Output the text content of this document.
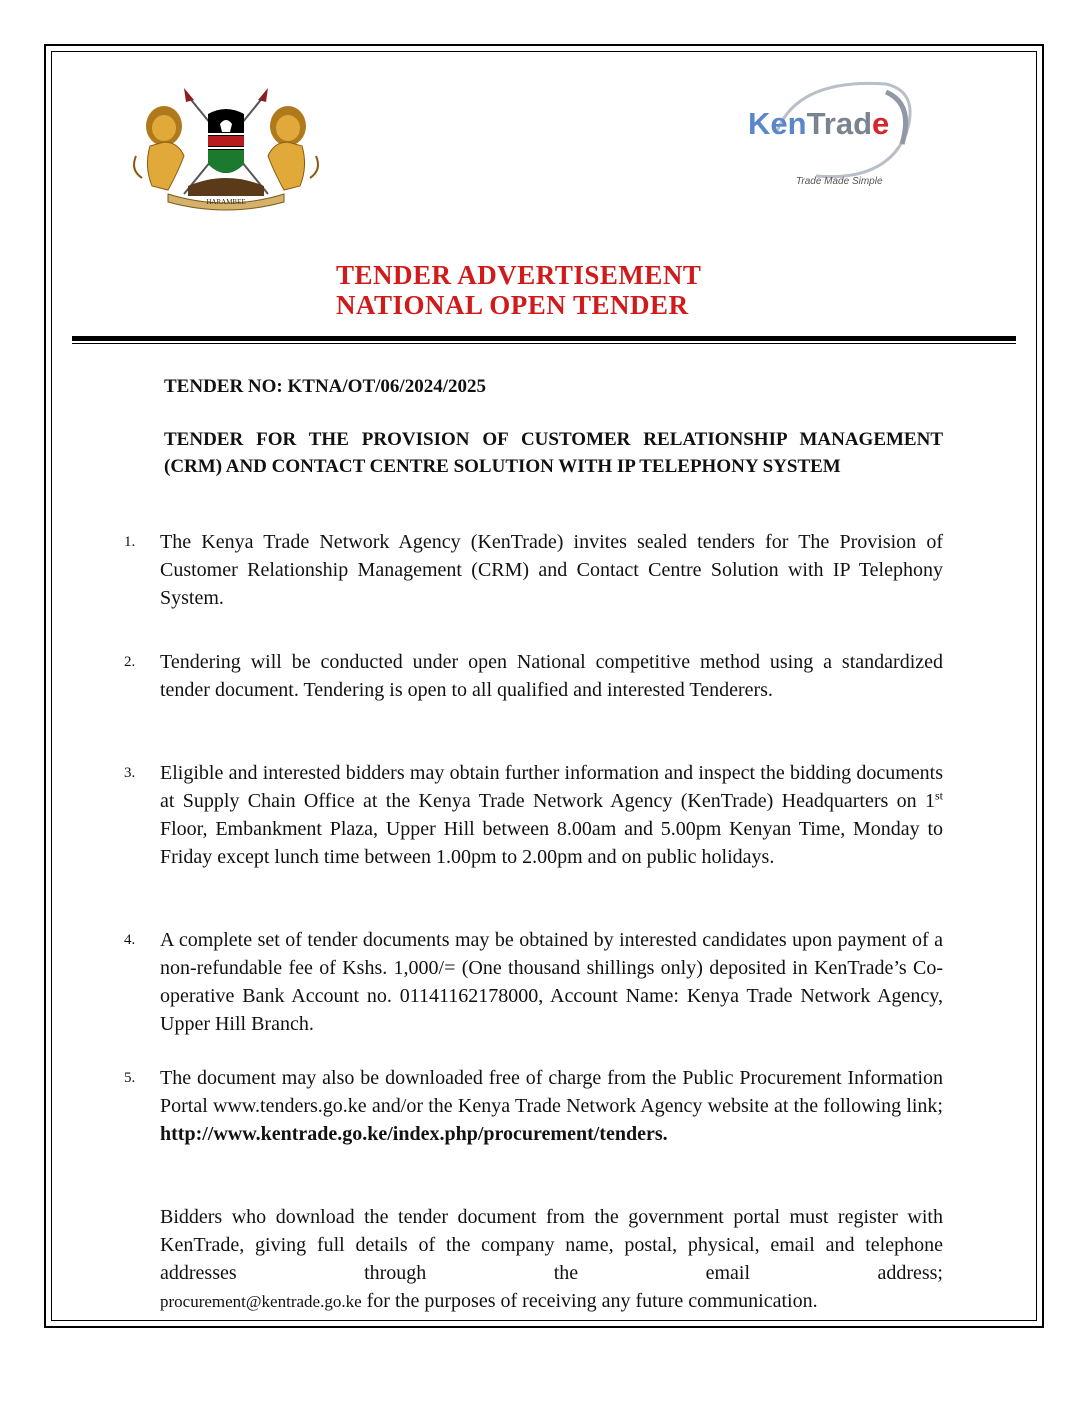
HARAMBEE
KenTrade
Trade Made Simple
TENDER ADVERTISEMENT
NATIONAL OPEN TENDER
TENDER NO: KTNA/OT/06/2024/2025
TENDER FOR THE PROVISION OF CUSTOMER RELATIONSHIP MANAGEMENT (CRM) AND CONTACT CENTRE SOLUTION WITH IP TELEPHONY SYSTEM
1. The Kenya Trade Network Agency (KenTrade) invites sealed tenders for The Provision of Customer Relationship Management (CRM) and Contact Centre Solution with IP Telephony System.
2. Tendering will be conducted under open National competitive method using a standardized tender document. Tendering is open to all qualified and interested Tenderers.
3. Eligible and interested bidders may obtain further information and inspect the bidding documents at Supply Chain Office at the Kenya Trade Network Agency (KenTrade) Headquarters on 1st Floor, Embankment Plaza, Upper Hill between 8.00am and 5.00pm Kenyan Time, Monday to Friday except lunch time between 1.00pm to 2.00pm and on public holidays.
4. A complete set of tender documents may be obtained by interested candidates upon payment of a non-refundable fee of Kshs. 1,000/= (One thousand shillings only) deposited in KenTrade’s Co-operative Bank Account no. 01141162178000, Account Name: Kenya Trade Network Agency, Upper Hill Branch.
5. The document may also be downloaded free of charge from the Public Procurement Information Portal www.tenders.go.ke and/or the Kenya Trade Network Agency website at the following link;
http://www.kentrade.go.ke/index.php/procurement/tenders.
Bidders who download the tender document from the government portal must register with KenTrade, giving full details of the company name, postal, physical, email and telephone addresses through the email address;
procurement@kentrade.go.ke for the purposes of receiving any future communication.
